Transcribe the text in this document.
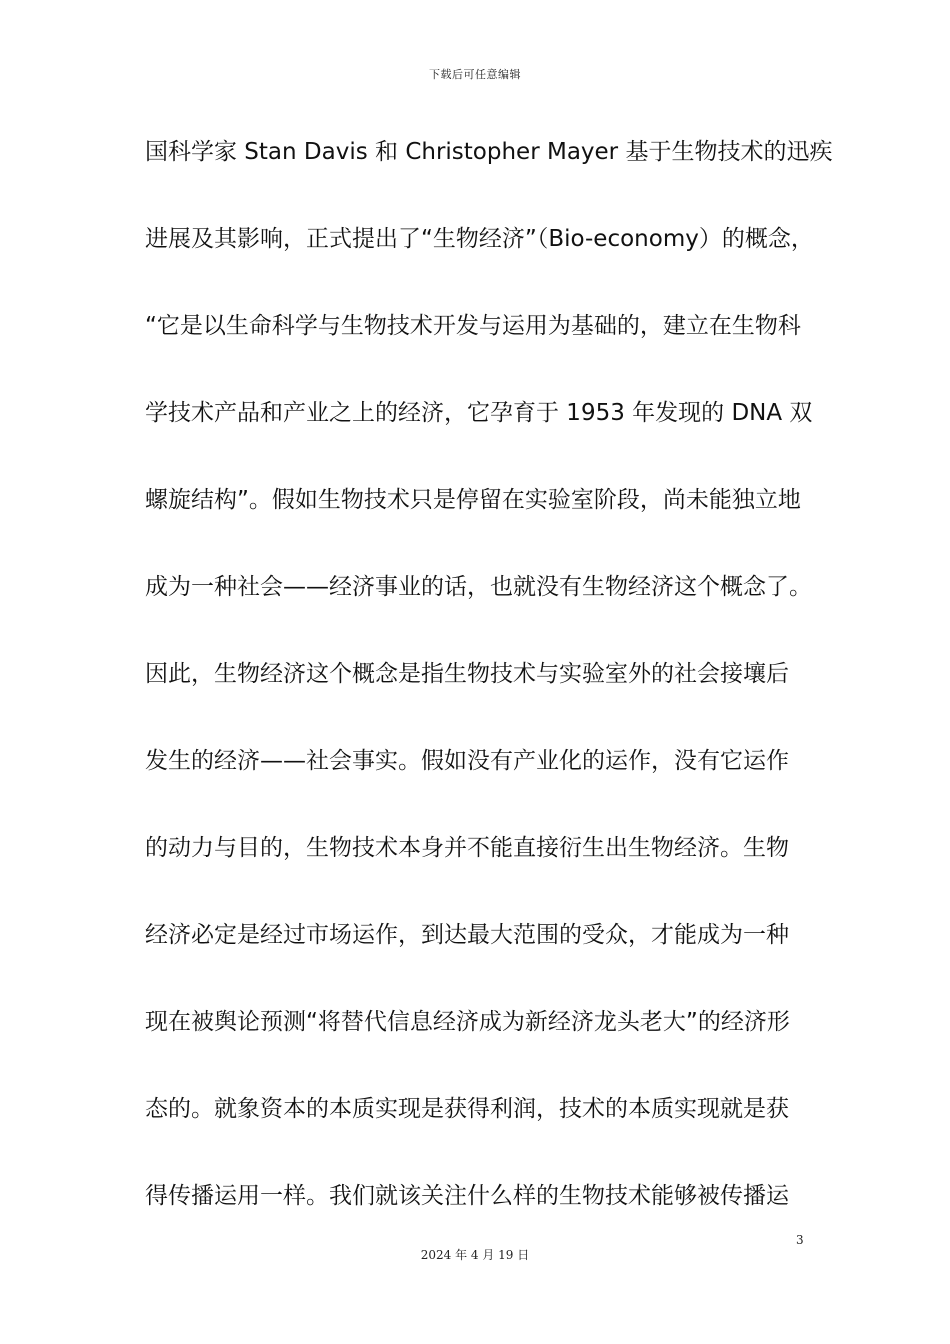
下载后可任意编辑
国科学家 Stan Davis 和 Christopher Mayer 基于生物技术的迅疾
进展及其影响，正式提出了“生物经济”（Bio-economy）的概念，
“它是以生命科学与生物技术开发与运用为基础的，建立在生物科
学技术产品和产业之上的经济，它孕育于 1953 年发现的 DNA 双
螺旋结构”。假如生物技术只是停留在实验室阶段，尚未能独立地
成为一种社会——经济事业的话，也就没有生物经济这个概念了。
因此，生物经济这个概念是指生物技术与实验室外的社会接壤后
发生的经济——社会事实。假如没有产业化的运作，没有它运作
的动力与目的，生物技术本身并不能直接衍生出生物经济。生物
经济必定是经过市场运作，到达最大范围的受众，才能成为一种
现在被舆论预测“将替代信息经济成为新经济龙头老大”的经济形
态的。就象资本的本质实现是获得利润，技术的本质实现就是获
得传播运用一样。我们就该关注什么样的生物技术能够被传播运
3
2024 年 4 月 19 日
